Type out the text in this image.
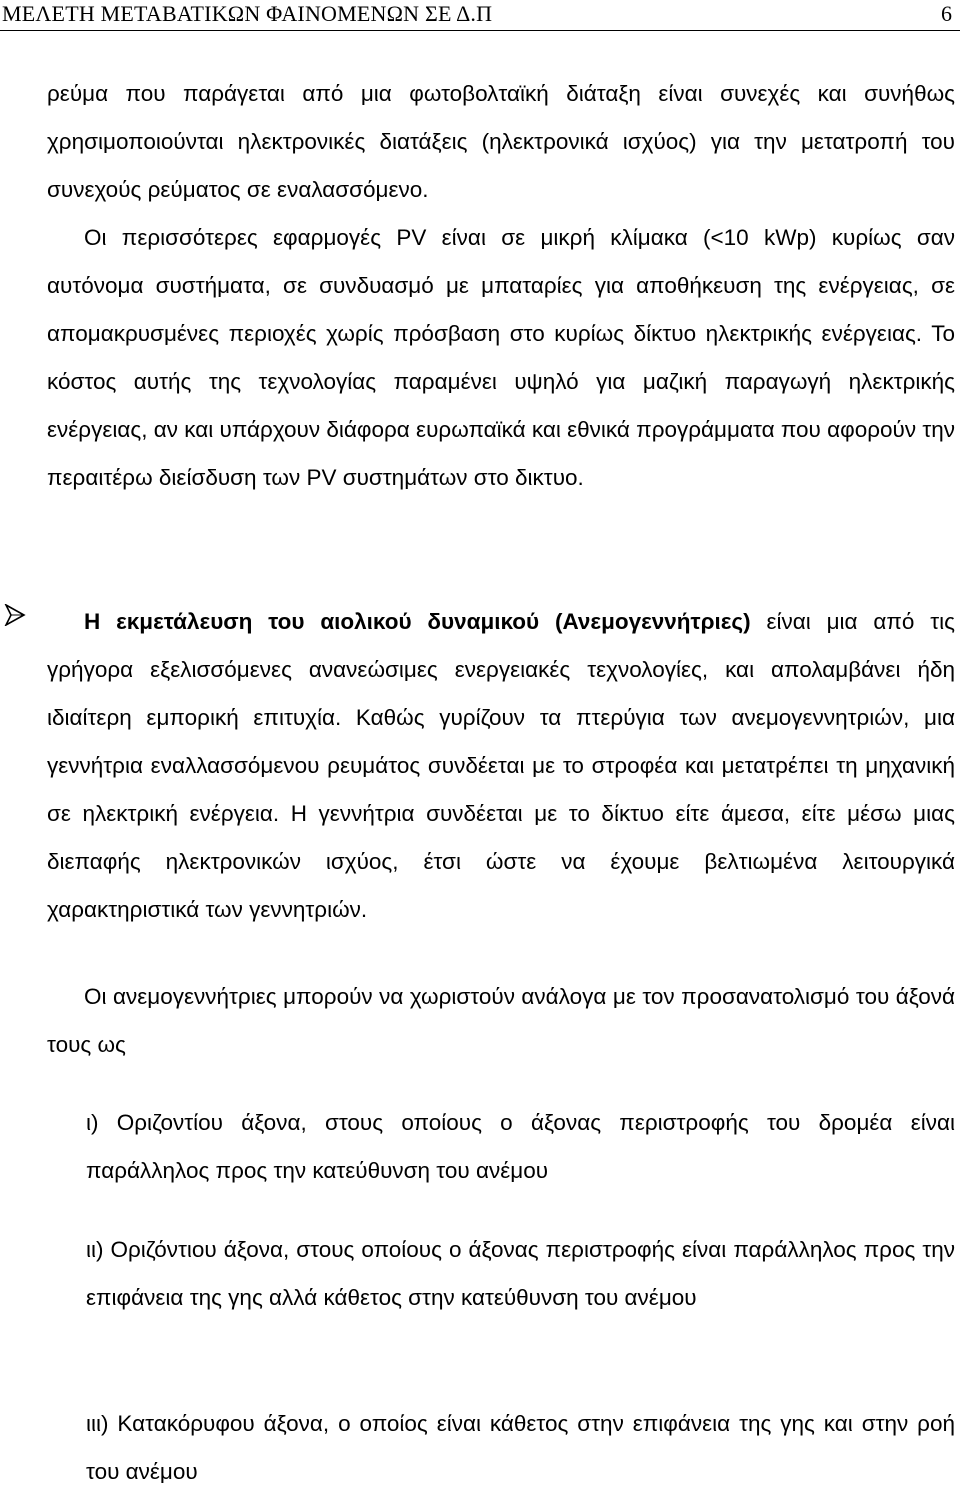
ΜΕΛΕΤΗ ΜΕΤΑΒΑΤΙΚΩΝ ΦΑΙΝΟΜΕΝΩΝ ΣΕ Δ.Π	6

ρεύμα που παράγεται από μια φωτοβολταϊκή διάταξη είναι συνεχές και συνήθως χρησιμοποιούνται ηλεκτρονικές διατάξεις (ηλεκτρονικά ισχύος) για την μετατροπή του συνεχούς ρεύματος σε εναλασσόμενο.
Οι περισσότερες εφαρμογές PV είναι σε μικρή κλίμακα (<10 kWp) κυρίως σαν αυτόνομα συστήματα, σε συνδυασμό με μπαταρίες για αποθήκευση της ενέργειας, σε απομακρυσμένες περιοχές χωρίς πρόσβαση στο κυρίως δίκτυο ηλεκτρικής ενέργειας. Το κόστος αυτής της τεχνολογίας παραμένει υψηλό για μαζική παραγωγή ηλεκτρικής ενέργειας, αν και υπάρχουν διάφορα ευρωπαϊκά και εθνικά προγράμματα που αφορούν την περαιτέρω διείσδυση των PV συστημάτων στο δικτυο.

Η εκμετάλευση του αιολικού δυναμικού (Ανεμογεννήτριες) είναι μια από τις γρήγορα εξελισσόμενες ανανεώσιμες ενεργειακές τεχνολογίες, και απολαμβάνει ήδη ιδιαίτερη εμπορική επιτυχία. Καθώς γυρίζουν τα πτερύγια των ανεμογεννητριών, μια γεννήτρια εναλλασσόμενου ρευμάτος συνδέεται με το στροφέα και μετατρέπει τη μηχανική σε ηλεκτρική ενέργεια. Η γεννήτρια συνδέεται με το δίκτυο είτε άμεσα, είτε μέσω μιας διεπαφής ηλεκτρονικών ισχύος, έτσι ώστε να έχουμε βελτιωμένα λειτουργικά χαρακτηριστικά των γεννητριών.

Οι ανεμογεννήτριες μπορούν να χωριστούν ανάλογα με τον προσανατολισμό του άξονά τους ως

ι) Οριζοντίου άξονα, στους οποίους ο άξονας περιστροφής του δρομέα είναι παράλληλος προς την κατεύθυνση του ανέμου

ιι) Οριζόντιου άξονα, στους οποίους ο άξονας περιστροφής είναι παράλληλος προς την επιφάνεια της γης αλλά κάθετος στην κατεύθυνση του ανέμου

ιιι) Κατακόρυφου άξονα, ο οποίος είναι κάθετος στην επιφάνεια της γης και στην ροή του ανέμου
